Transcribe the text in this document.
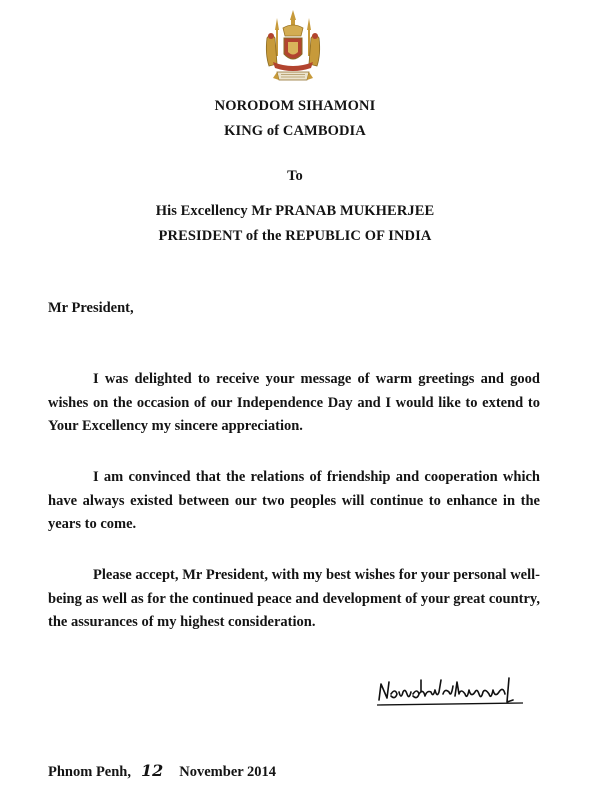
NORODOM SIHAMONI
KING of CAMBODIA
To
His Excellency Mr PRANAB MUKHERJEE
PRESIDENT of the REPUBLIC OF INDIA
Mr President,
I was delighted to receive your message of warm greetings and good wishes on the occasion of our Independence Day and I would like to extend to Your Excellency my sincere appreciation.
I am convinced that the relations of friendship and cooperation which have always existed between our two peoples will continue to enhance in the years to come.
Please accept, Mr President, with my best wishes for your personal well-being as well as for the continued peace and development of your great country, the assurances of my highest consideration.
Phnom Penh, 12 November 2014
